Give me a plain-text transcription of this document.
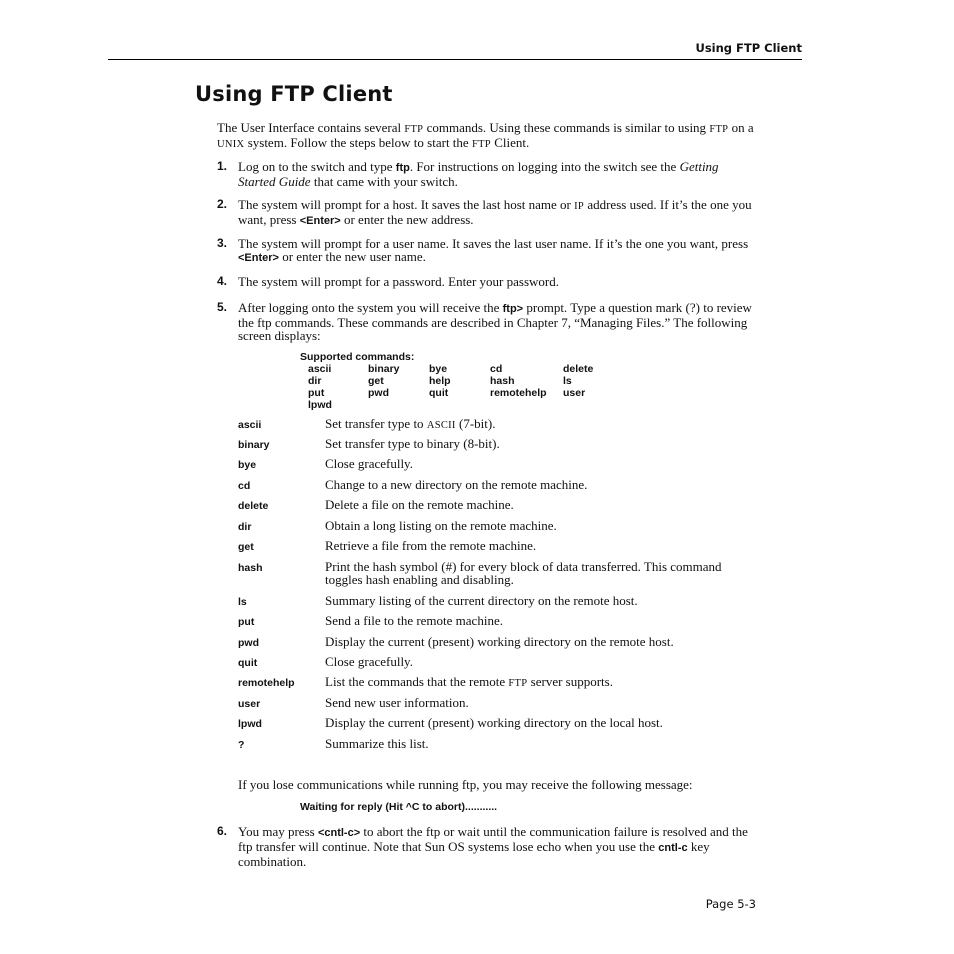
Using FTP Client
Using FTP Client
The User Interface contains several FTP commands. Using these commands is similar to using FTP on a UNIX system. Follow the steps below to start the FTP Client.
1. Log on to the switch and type ftp. For instructions on logging into the switch see the Getting Started Guide that came with your switch.
2. The system will prompt for a host. It saves the last host name or IP address used. If it’s the one you want, press <Enter> or enter the new address.
3. The system will prompt for a user name. It saves the last user name. If it’s the one you want, press <Enter> or enter the new user name.
4. The system will prompt for a password. Enter your password.
5. After logging onto the system you will receive the ftp> prompt. Type a question mark (?) to review the ftp commands. These commands are described in Chapter 7, “Managing Files.” The following screen displays:
Supported commands:
ascii	binary	bye	cd	delete
dir	get	help	hash	ls
put	pwd	quit	remotehelp	user
lpwd
ascii	Set transfer type to ASCII (7-bit).
binary	Set transfer type to binary (8-bit).
bye	Close gracefully.
cd	Change to a new directory on the remote machine.
delete	Delete a file on the remote machine.
dir	Obtain a long listing on the remote machine.
get	Retrieve a file from the remote machine.
hash	Print the hash symbol (#) for every block of data transferred. This command toggles hash enabling and disabling.
ls	Summary listing of the current directory on the remote host.
put	Send a file to the remote machine.
pwd	Display the current (present) working directory on the remote host.
quit	Close gracefully.
remotehelp List the commands that the remote FTP server supports.
user	Send new user information.
lpwd	Display the current (present) working directory on the local host.
?	Summarize this list.
If you lose communications while running ftp, you may receive the following message:
Waiting for reply (Hit ^C to abort)...........
6. You may press <cntl-c> to abort the ftp or wait until the communication failure is resolved and the ftp transfer will continue. Note that Sun OS systems lose echo when you use the cntl-c key combination.
Page 5-3
